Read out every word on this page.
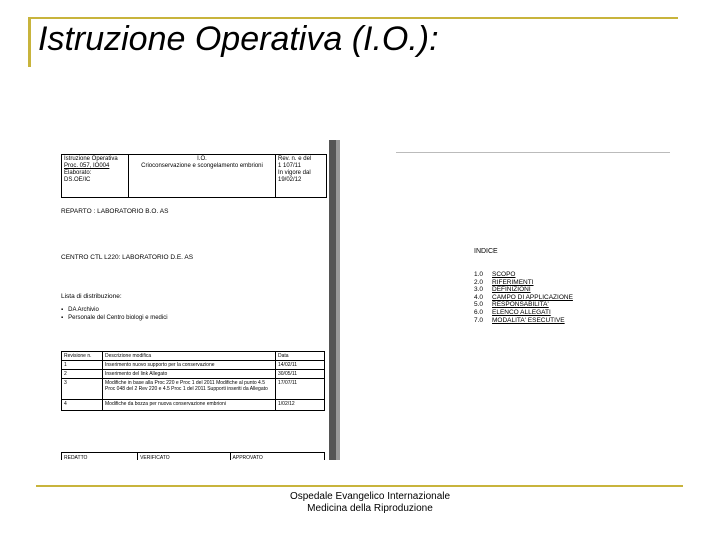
Istruzione Operativa (I.O.):
Istruzione Operativa
Proc. 057, IO004
Elaborato:
DS.OE/IC

I.O.
Crioconservazione e scongelamento embrioni

Rev. n. e del
1 107/11
In vigore dal
19/02/12
REPARTO : LABORATORIO B.O. AS
CENTRO CTL L220: LABORATORIO D.E. AS
Lista di distribuzione:
▪   DA Archivio
▪   Personale del Centro biologi e medici
Revisione n.	Descrizione modifica	Data
1	Inserimento nuovo supporto per la conservazione	14/02/11
2	Inserimento del link Allegato	30/05/11
3	Modifiche in base alla Proc 220 e Proc 1 del 2011 Modifiche al punto 4.5 Proc 048 del 2 Rev 220 e 4.5 Proc 1 del 2011 Supporti inseriti da Allegato	17/07/11
4	Modifiche da bozza per nuova conservazione embrioni	1/02/12
REDATTO	VERIFICATO	APPROVATO
INDICE
1.0 SCOPO
2.0 RIFERIMENTI
3.0 DEFINIZIONI
4.0 CAMPO DI APPLICAZIONE
5.0 RESPONSABILITA'
6.0 ELENCO ALLEGATI
7.0 MODALITA' ESECUTIVE
Ospedale Evangelico Internazionale
Medicina della Riproduzione
